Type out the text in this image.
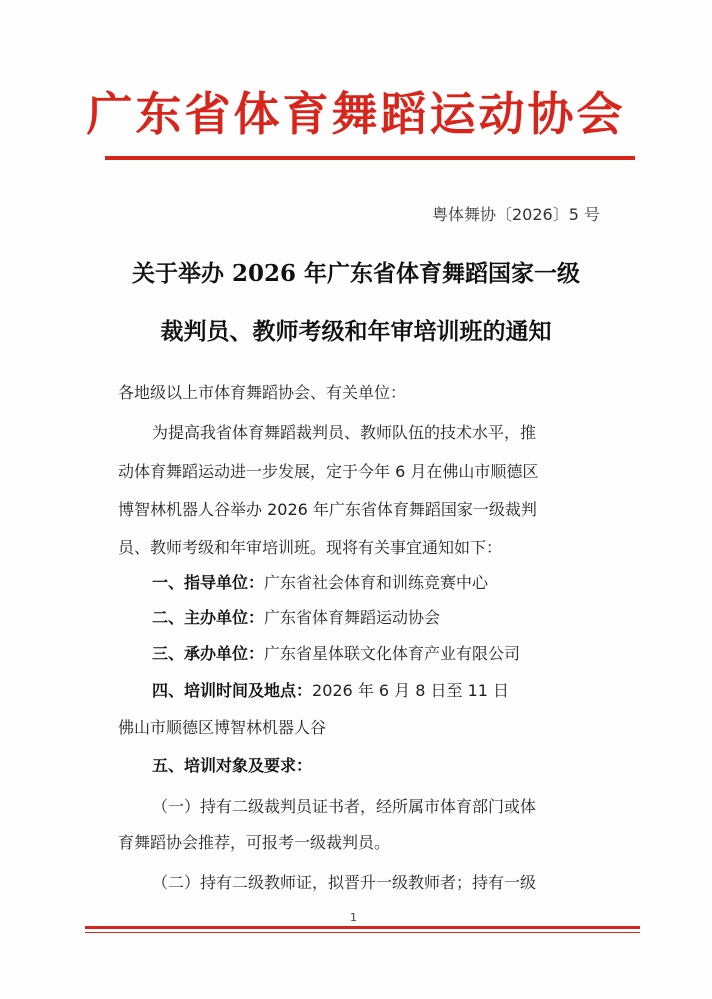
广东省体育舞蹈运动协会
粤体舞协〔2026〕5 号
关于举办 2026 年广东省体育舞蹈国家一级
裁判员、教师考级和年审培训班的通知
各地级以上市体育舞蹈协会、有关单位：
为提高我省体育舞蹈裁判员、教师队伍的技术水平，推
动体育舞蹈运动进一步发展，定于今年 6 月在佛山市顺德区
博智林机器人谷举办 2026 年广东省体育舞蹈国家一级裁判
员、教师考级和年审培训班。现将有关事宜通知如下：
一、指导单位：广东省社会体育和训练竞赛中心
二、主办单位：广东省体育舞蹈运动协会
三、承办单位：广东省星体联文化体育产业有限公司
四、培训时间及地点：2026 年 6 月 8 日至 11 日
佛山市顺德区博智林机器人谷
五、培训对象及要求：
（一）持有二级裁判员证书者，经所属市体育部门或体
育舞蹈协会推荐，可报考一级裁判员。
（二）持有二级教师证，拟晋升一级教师者；持有一级
1
